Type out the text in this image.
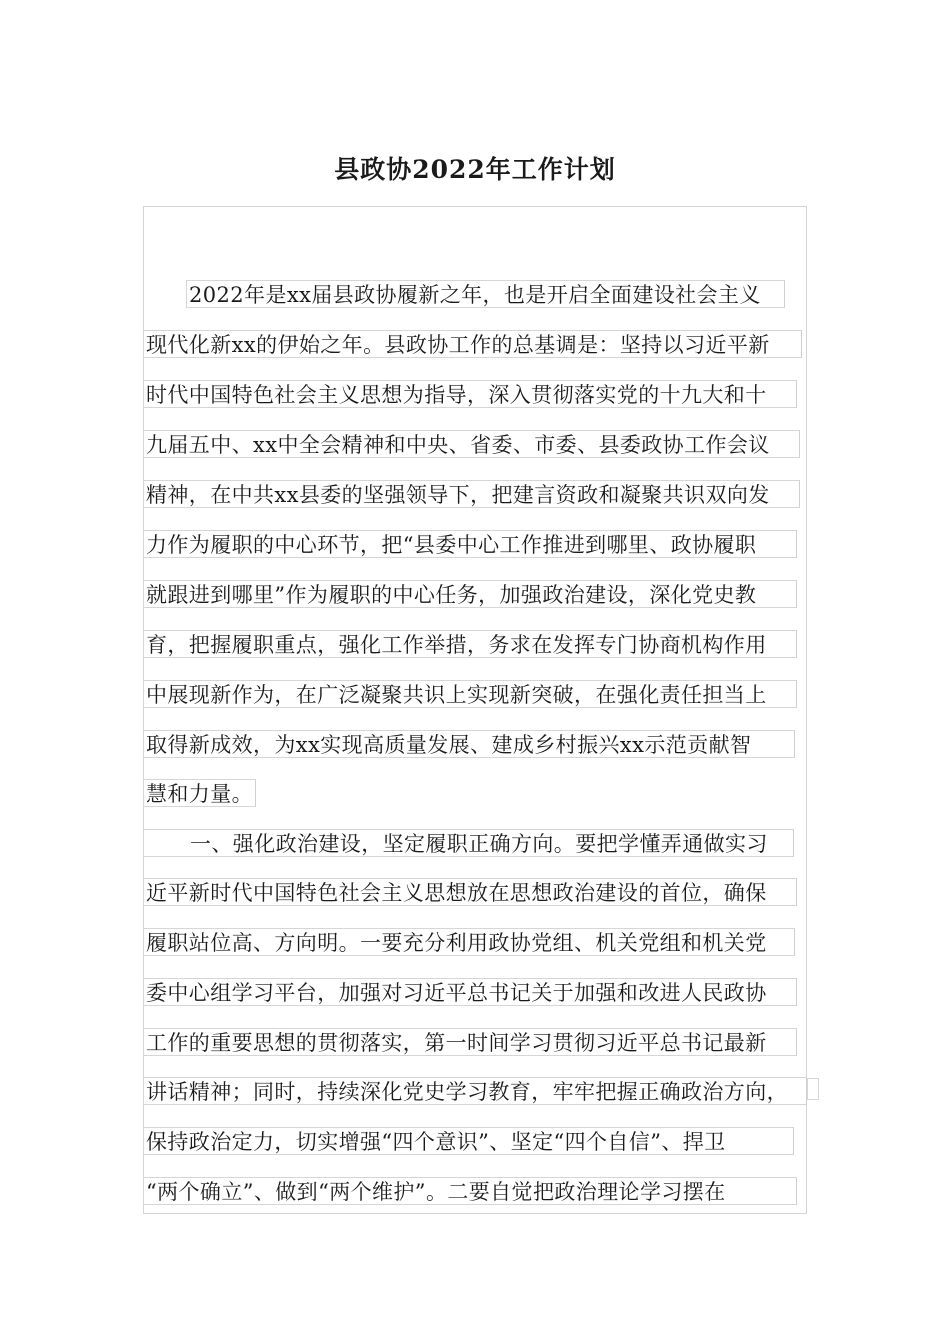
县政协2022年工作计划
2022年是xx届县政协履新之年，也是开启全面建设社会主义
现代化新xx的伊始之年。县政协工作的总基调是：坚持以习近平新
时代中国特色社会主义思想为指导，深入贯彻落实党的十九大和十
九届五中、xx中全会精神和中央、省委、市委、县委政协工作会议
精神，在中共xx县委的坚强领导下，把建言资政和凝聚共识双向发
力作为履职的中心环节，把“县委中心工作推进到哪里、政协履职
就跟进到哪里”作为履职的中心任务，加强政治建设，深化党史教
育，把握履职重点，强化工作举措，务求在发挥专门协商机构作用
中展现新作为，在广泛凝聚共识上实现新突破，在强化责任担当上
取得新成效，为xx实现高质量发展、建成乡村振兴xx示范贡献智
慧和力量。
一、强化政治建设，坚定履职正确方向。要把学懂弄通做实习
近平新时代中国特色社会主义思想放在思想政治建设的首位，确保
履职站位高、方向明。一要充分利用政协党组、机关党组和机关党
委中心组学习平台，加强对习近平总书记关于加强和改进人民政协
工作的重要思想的贯彻落实，第一时间学习贯彻习近平总书记最新
讲话精神；同时，持续深化党史学习教育，牢牢把握正确政治方向，
保持政治定力，切实增强“四个意识”、坚定“四个自信”、捍卫
“两个确立”、做到“两个维护”。二要自觉把政治理论学习摆在
